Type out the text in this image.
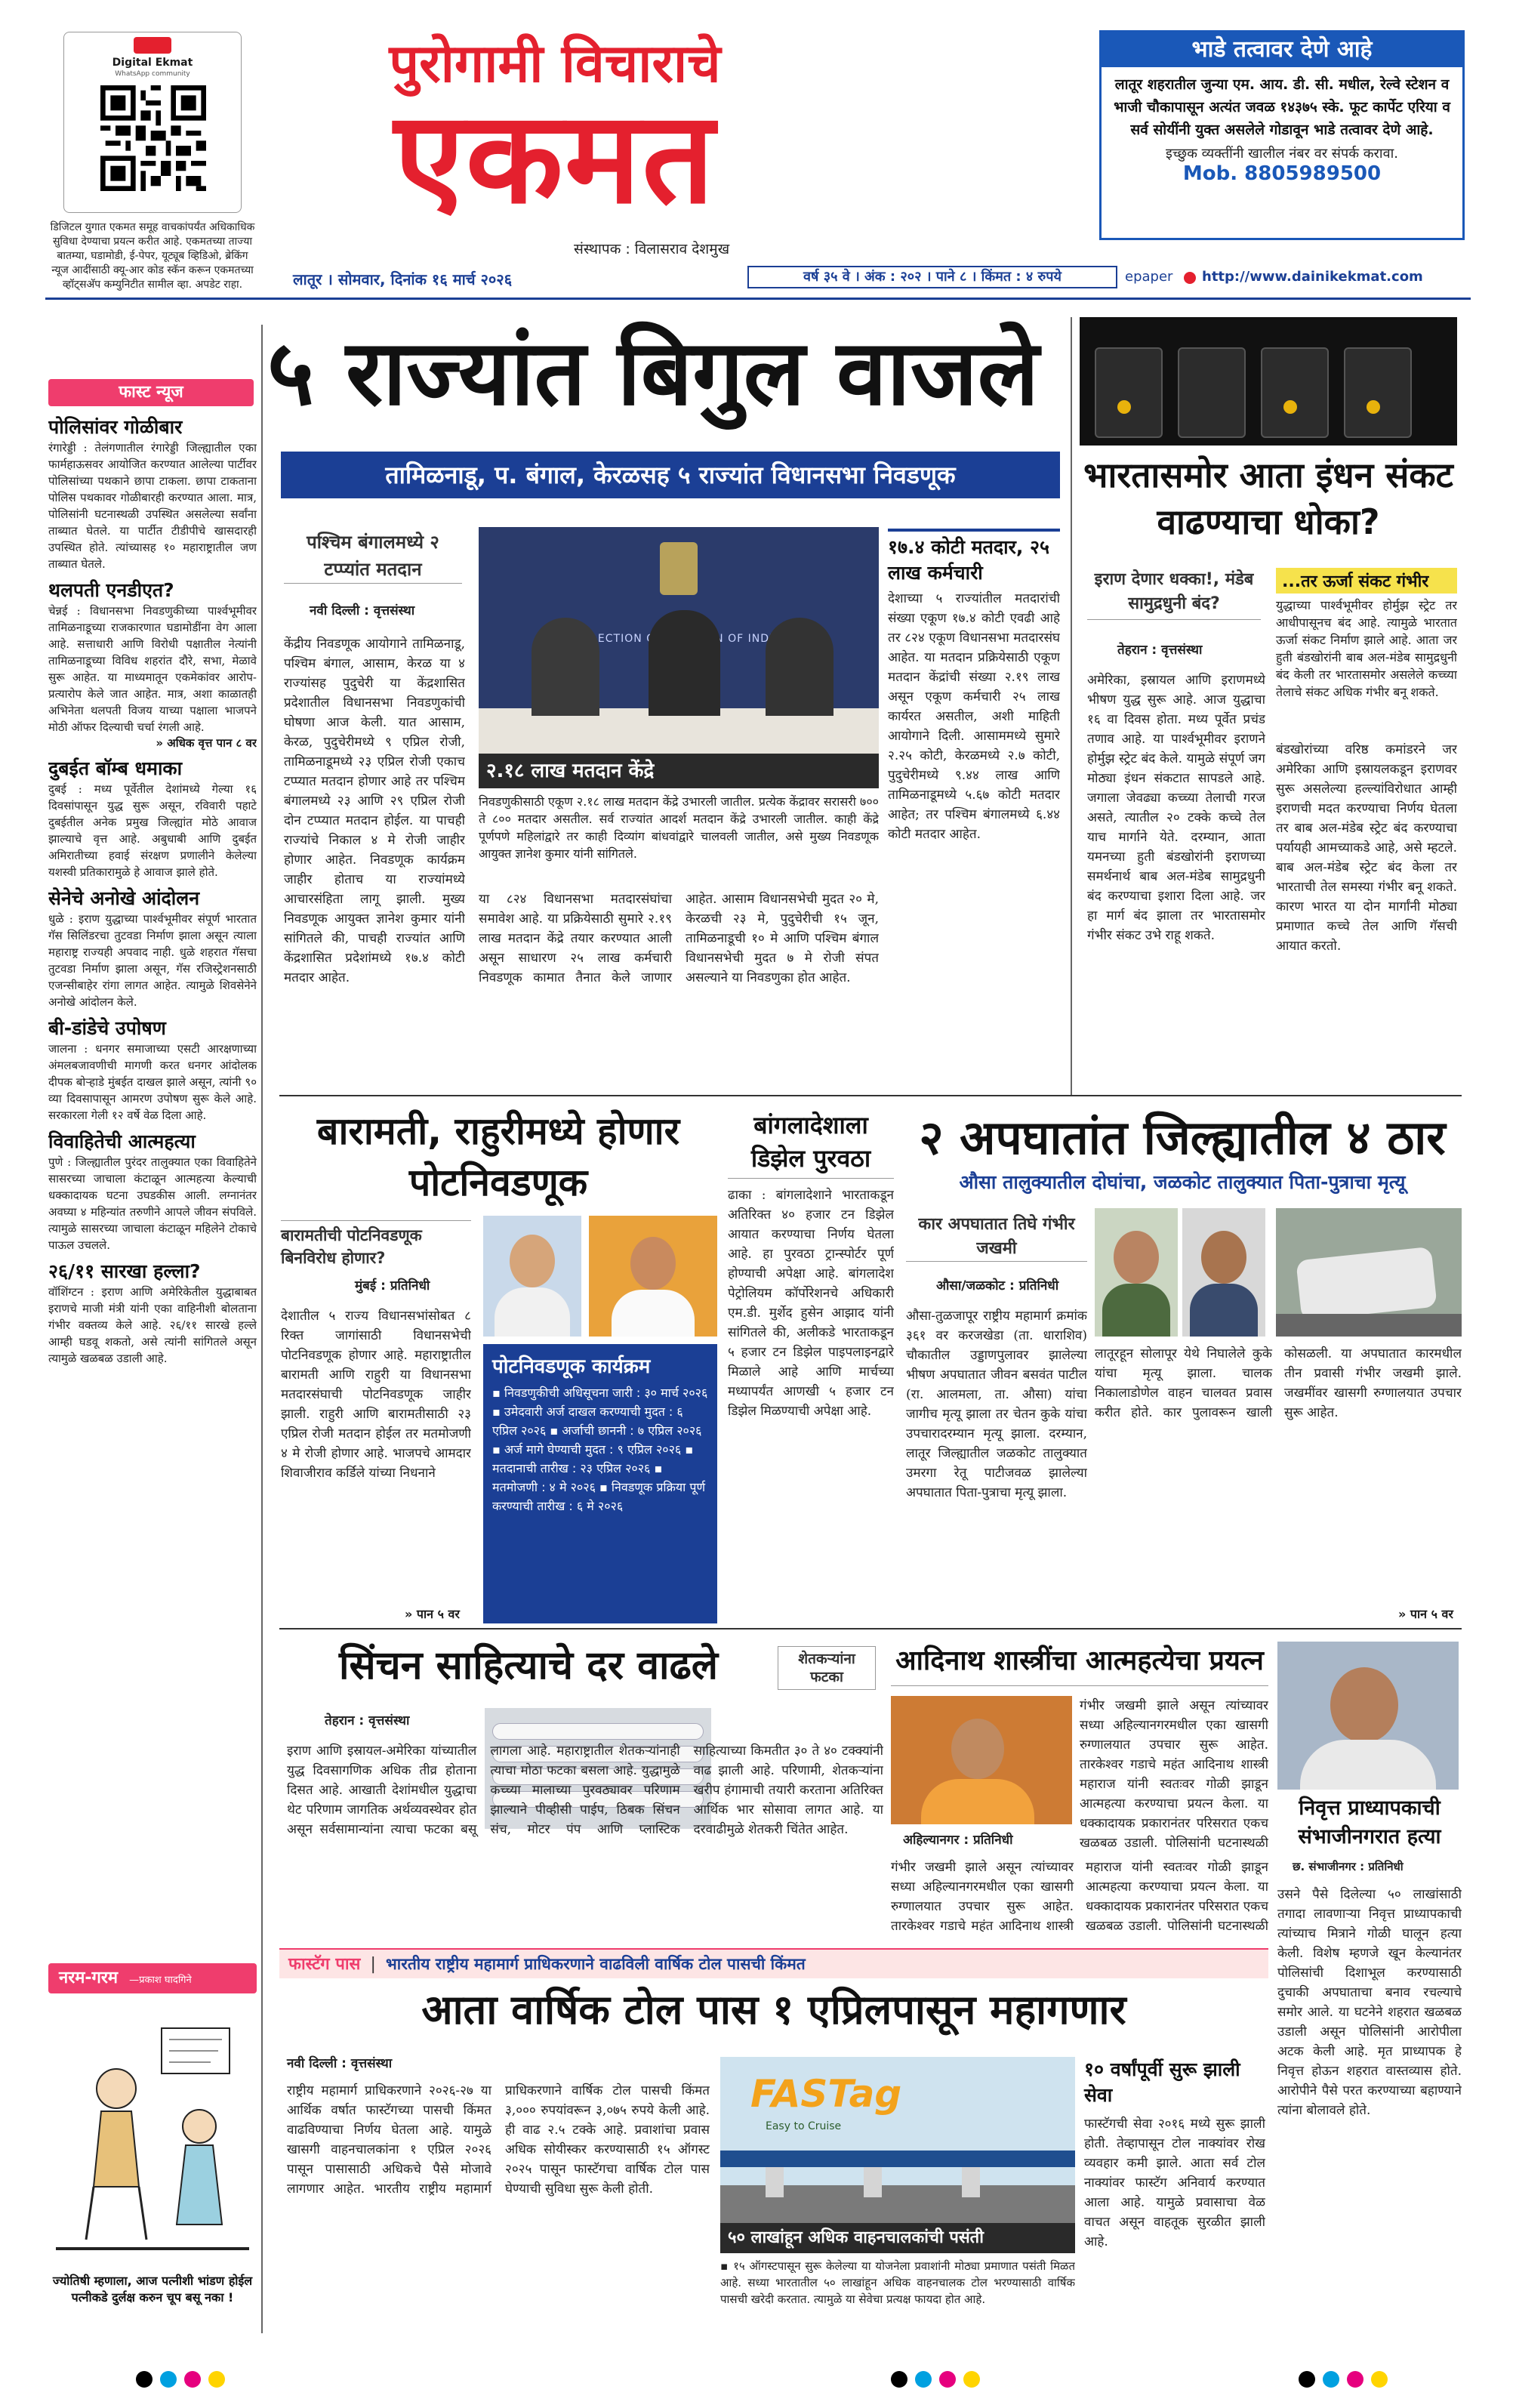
Digital Ekmat
WhatsApp community
डिजिटल युगात एकमत समूह वाचकांपर्यंत अधिकाधिक सुविधा देण्याचा प्रयत्न करीत आहे. एकमतच्या ताज्या बातम्या, घडामोडी, ई-पेपर, यूट्यूब व्हिडिओ, ब्रेकिंग न्यूज आदींसाठी क्यू-आर कोड स्कॅन करून एकमतच्या व्हॉट्सअ‍ॅप कम्युनिटीत सामील व्हा. अपडेट राहा.
पुरोगामी विचाराचे
एकमत
संस्थापक : विलासराव देशमुख
भाडे तत्वावर देणे आहे
लातूर शहरातील जुन्या एम. आय. डी. सी. मधील, रेल्वे स्टेशन व भाजी चौकापासून अत्यंत जवळ १४३७५ स्के. फूट कार्पेट एरिया व सर्व सोयींनी युक्त असलेले गोडावून भाडे तत्वावर देणे आहे.
इच्छुक व्यक्तींनी खालील नंबर वर संपर्क करावा.
Mob. 8805989500
लातूर । सोमवार, दिनांक १६ मार्च २०२६	वर्ष ३५ वे । अंक : २०२ । पाने ८ । किंमत : ४ रुपये	epaper http://www.dainikekmat.com
फास्ट न्यूज
पोलिसांवर गोळीबार
रंगारेड्डी : तेलंगणातील रंगारेड्डी जिल्ह्यातील एका फार्महाऊसवर आयोजित करण्यात आलेल्या पार्टीवर पोलिसांच्या पथकाने छापा टाकला. छापा टाकताना पोलिस पथकावर गोळीबारही करण्यात आला. मात्र, पोलिसांनी घटनास्थळी उपस्थित असलेल्या सर्वांना ताब्यात घेतले. या पार्टीत टीडीपीचे खासदारही उपस्थित होते. त्यांच्यासह १० महाराष्ट्रातील जण ताब्यात घेतले.
थलपती एनडीएत?
चेन्नई : विधानसभा निवडणुकीच्या पार्श्वभूमीवर तामिळनाडूच्या राजकारणात घडामोडींना वेग आला आहे. सत्ताधारी आणि विरोधी पक्षातील नेत्यांनी तामिळनाडूच्या विविध शहरांत दौरे, सभा, मेळावे सुरू आहेत. या माध्यमातून एकमेकांवर आरोप-प्रत्यारोप केले जात आहेत. मात्र, अशा काळातही अभिनेता थलपती विजय याच्या पक्षाला भाजपने मोठी ऑफर दिल्याची चर्चा रंगली आहे.
» अधिक वृत्त पान ८ वर
दुबईत बॉम्ब धमाका
दुबई : मध्य पूर्वेतील देशांमध्ये गेल्या १६ दिवसांपासून युद्ध सुरू असून, रविवारी पहाटे दुबईतील अनेक प्रमुख जिल्ह्यांत मोठे आवाज झाल्याचे वृत्त आहे. अबुधाबी आणि दुबईत अमिरातीच्या हवाई संरक्षण प्रणालीने केलेल्या यशस्वी प्रतिकारामुळे हे आवाज झाले होते.
सेनेचे अनोखे आंदोलन
धुळे : इराण युद्धाच्या पार्श्वभूमीवर संपूर्ण भारतात गॅस सिलिंडरचा तुटवडा निर्माण झाला असून त्याला महाराष्ट्र राज्यही अपवाद नाही. धुळे शहरात गॅसचा तुटवडा निर्माण झाला असून, गॅस रजिस्ट्रेशनसाठी एजन्सीबाहेर रांगा लागत आहेत. त्यामुळे शिवसेनेने अनोखे आंदोलन केले.
बी-डांडेचे उपोषण
जालना : धनगर समाजाच्या एसटी आरक्षणाच्या अंमलबजावणीची मागणी करत धनगर आंदोलक दीपक बोऱ्हाडे मुंबईत दाखल झाले असून, त्यांनी ९० व्या दिवसापासून आमरण उपोषण सुरू केले आहे. सरकारला गेली १२ वर्षे वेळ दिला आहे.
विवाहितेची आत्महत्या
पुणे : जिल्ह्यातील पुरंदर तालुक्यात एका विवाहितेने सासरच्या जाचाला कंटाळून आत्महत्या केल्याची धक्कादायक घटना उघडकीस आली. लग्नानंतर अवघ्या ४ महिन्यांत तरुणीने आपले जीवन संपविले. त्यामुळे सासरच्या जाचाला कंटाळून महिलेने टोकाचे पाऊल उचलले.
२६/११ सारखा हल्ला?
वॉशिंग्टन : इराण आणि अमेरिकेतील युद्धाबाबत इराणचे माजी मंत्री यांनी एका वाहिनीशी बोलताना गंभीर वक्तव्य केले आहे. २६/११ सारखे हल्ले आम्ही घडवू शकतो, असे त्यांनी सांगितले असून त्यामुळे खळबळ उडाली आहे.
नरम-गरम —प्रकाश घादगिने
ज्योतिषी म्हणाला, आज पत्नीशी भांडण होईल पत्नीकडे दुर्लक्ष करुन चूप बसू नका !
५ राज्यांत बिगुल वाजले
तामिळनाडू, प. बंगाल, केरळसह ५ राज्यांत विधानसभा निवडणूक
पश्चिम बंगालमध्ये २ टप्प्यांत मतदान
नवी दिल्ली : वृत्तसंस्था
केंद्रीय निवडणूक आयोगाने तामिळनाडू, पश्चिम बंगाल, आसाम, केरळ या ४ राज्यांसह पुदुचेरी या केंद्रशासित प्रदेशातील विधानसभा निवडणुकांची घोषणा आज केली. यात आसाम, केरळ, पुदुचेरीमध्ये ९ एप्रिल रोजी, तामिळनाडूमध्ये २३ एप्रिल रोजी एकाच टप्प्यात मतदान होणार आहे तर पश्चिम बंगालमध्ये २३ आणि २९ एप्रिल रोजी दोन टप्प्यात मतदान होईल. या पाचही राज्यांचे निकाल ४ मे रोजी जाहीर होणार आहेत. निवडणूक कार्यक्रम जाहीर होताच या राज्यांमध्ये आचारसंहिता लागू झाली. मुख्य निवडणूक आयुक्त ज्ञानेश कुमार यांनी सांगितले की, पाचही राज्यांत आणि केंद्रशासित प्रदेशांमध्ये १७.४ कोटी मतदार आहेत.
ELECTION OF INDIA
२.१८ लाख मतदान केंद्रे
निवडणुकीसाठी एकूण २.१८ लाख मतदान केंद्रे उभारली जातील. प्रत्येक केंद्रावर सरासरी ७०० ते ८०० मतदार असतील. सर्व राज्यांत आदर्श मतदान केंद्रे उभारली जातील. काही केंद्रे पूर्णपणे महिलांद्वारे तर काही दिव्यांग बांधवांद्वारे चालवली जातील, असे मुख्य निवडणूक आयुक्त ज्ञानेश कुमार यांनी सांगितले.
या ८२४ विधानसभा मतदारसंघांचा समावेश आहे. या प्रक्रियेसाठी सुमारे २.१९ लाख मतदान केंद्रे तयार करण्यात आली असून साधारण २५ लाख कर्मचारी निवडणूक कामात तैनात केले जाणार आहेत. आसाम विधानसभेची मुदत २० मे, केरळची २३ मे, पुदुचेरीची १५ जून, तामिळनाडूची १० मे आणि पश्चिम बंगाल विधानसभेची मुदत ७ मे रोजी संपत असल्याने या निवडणुका होत आहेत.
१७.४ कोटी मतदार, २५ लाख कर्मचारी
देशाच्या ५ राज्यांतील मतदारांची संख्या एकूण १७.४ कोटी एवढी आहे तर ८२४ एकूण विधानसभा मतदारसंघ आहेत. या मतदान प्रक्रियेसाठी एकूण मतदान केंद्रांची संख्या २.१९ लाख असून एकूण कर्मचारी २५ लाख कार्यरत असतील, अशी माहिती आयोगाने दिली. आसाममध्ये सुमारे २.२५ कोटी, केरळमध्ये २.७ कोटी, पुदुचेरीमध्ये ९.४४ लाख आणि तामिळनाडूमध्ये ५.६७ कोटी मतदार आहेत; तर पश्चिम बंगालमध्ये ६.४४ कोटी मतदार आहेत.
भारतासमोर आता इंधन संकट वाढण्याचा धोका?
इराण देणार धक्का!, मंडेब सामुद्रधुनी बंद?
...तर ऊर्जा संकट गंभीर
युद्धाच्या पार्श्वभूमीवर होर्मुझ स्ट्रेट तर आधीपासूनच बंद आहे. त्यामुळे भारतात ऊर्जा संकट निर्माण झाले आहे. आता जर हुती बंडखोरांनी बाब अल-मंडेब सामुद्रधुनी बंद केली तर भारतासमोर असलेले कच्च्या तेलाचे संकट अधिक गंभीर बनू शकते.
तेहरान : वृत्तसंस्था
अमेरिका, इस्रायल आणि इराणमध्ये भीषण युद्ध सुरू आहे. आज युद्धाचा १६ वा दिवस होता. मध्य पूर्वेत प्रचंड तणाव आहे. या पार्श्वभूमीवर इराणने होर्मुझ स्ट्रेट बंद केले. यामुळे संपूर्ण जग मोठ्या इंधन संकटात सापडले आहे. जगाला जेवढ्या कच्च्या तेलाची गरज असते, त्यातील २० टक्के कच्चे तेल याच मार्गाने येते. दरम्यान, आता यमनच्या हुती बंडखोरांनी इराणच्या समर्थनार्थ बाब अल-मंडेब सामुद्रधुनी बंद करण्याचा इशारा दिला आहे. जर हा मार्ग बंद झाला तर भारतासमोर गंभीर संकट उभे राहू शकते.
बंडखोरांच्या वरिष्ठ कमांडरने जर अमेरिका आणि इस्रायलकडून इराणवर सुरू असलेल्या हल्ल्यांविरोधात आम्ही इराणची मदत करण्याचा निर्णय घेतला तर बाब अल-मंडेब स्ट्रेट बंद करण्याचा पर्यायही आमच्याकडे आहे, असे म्हटले. बाब अल-मंडेब स्ट्रेट बंद केला तर भारताची तेल समस्या गंभीर बनू शकते. कारण भारत या दोन मार्गांनी मोठ्या प्रमाणात कच्चे तेल आणि गॅसची आयात करतो.
बारामती, राहुरीमध्ये होणार पोटनिवडणूक
बारामतीची पोटनिवडणूक बिनविरोध होणार?
मुंबई : प्रतिनिधी
देशातील ५ राज्य विधानसभांसोबत ८ रिक्त जागांसाठी विधानसभेची पोटनिवडणूक होणार आहे. महाराष्ट्रातील बारामती आणि राहुरी या विधानसभा मतदारसंघाची पोटनिवडणूक जाहीर झाली. राहुरी आणि बारामतीसाठी २३ एप्रिल रोजी मतदान होईल तर मतमोजणी ४ मे रोजी होणार आहे. भाजपचे आमदार शिवाजीराव कर्डिले यांच्या निधनाने
» पान ५ वर
पोटनिवडणूक कार्यक्रम
▪ निवडणुकीची अधिसूचना जारी : ३० मार्च २०२६ ▪ उमेदवारी अर्ज दाखल करण्याची मुदत : ६ एप्रिल २०२६ ▪ अर्जाची छाननी : ७ एप्रिल २०२६ ▪ अर्ज मागे घेण्याची मुदत : ९ एप्रिल २०२६ ▪ मतदानाची तारीख : २३ एप्रिल २०२६ ▪ मतमोजणी : ४ मे २०२६ ▪ निवडणूक प्रक्रिया पूर्ण करण्याची तारीख : ६ मे २०२६
बांगलादेशाला डिझेल पुरवठा
ढाका : बांगलादेशाने भारताकडून अतिरिक्त ४० हजार टन डिझेल आयात करण्याचा निर्णय घेतला आहे. हा पुरवठा ट्रान्स्पोर्टर पूर्ण होण्याची अपेक्षा आहे. बांगलादेश पेट्रोलियम कॉर्पोरेशनचे अधिकारी एम.डी. मुर्शेद हुसेन आझाद यांनी सांगितले की, अलीकडे भारताकडून ५ हजार टन डिझेल पाइपलाइनद्वारे मिळाले आहे आणि मार्चच्या मध्यापर्यंत आणखी ५ हजार टन डिझेल मिळण्याची अपेक्षा आहे.
२ अपघातांत जिल्ह्यातील ४ ठार
औसा तालुक्यातील दोघांचा, जळकोट तालुक्यात पिता-पुत्राचा मृत्यू
कार अपघातात तिघे गंभीर जखमी
औसा/जळकोट : प्रतिनिधी
औसा-तुळजापूर राष्ट्रीय महामार्ग क्रमांक ३६१ वर करजखेडा (ता. धाराशिव) चौकातील उड्डाणपुलावर झालेल्या भीषण अपघातात जीवन बसवंत पाटील (रा. आलमला, ता. औसा) यांचा जागीच मृत्यू झाला तर चेतन कुके यांचा उपचारादरम्यान मृत्यू झाला. दरम्यान, लातूर जिल्ह्यातील जळकोट तालुक्यात उमरगा रेतू पाटीजवळ झालेल्या अपघातात पिता-पुत्राचा मृत्यू झाला.
लातूरहून सोलापूर येथे निघालेले कुके यांचा मृत्यू झाला. चालक निकालाडोणेल वाहन चालवत प्रवास करीत होते. कार पुलावरून खाली कोसळली. या अपघातात कारमधील तीन प्रवासी गंभीर जखमी झाले. जखमींवर खासगी रुग्णालयात उपचार सुरू आहेत.
» पान ५ वर
सिंचन साहित्याचे दर वाढले	शेतकऱ्यांना फटका
तेहरान : वृत्तसंस्था
इराण आणि इस्रायल-अमेरिका यांच्यातील युद्ध दिवसागणिक अधिक तीव्र होताना दिसत आहे. आखाती देशांमधील युद्धाचा थेट परिणाम जागतिक अर्थव्यवस्थेवर होत असून सर्वसामान्यांना त्याचा फटका बसू लागला आहे. महाराष्ट्रातील शेतकऱ्यांनाही त्याचा मोठा फटका बसला आहे. युद्धामुळे कच्च्या मालाच्या पुरवठ्यावर परिणाम झाल्याने पीव्हीसी पाईप, ठिबक सिंचन संच, मोटर पंप आणि प्लास्टिक साहित्याच्या किमतीत ३० ते ४० टक्क्यांनी वाढ झाली आहे. परिणामी, शेतकऱ्यांना खरीप हंगामाची तयारी करताना अतिरिक्त आर्थिक भार सोसावा लागत आहे. या दरवाढीमुळे शेतकरी चिंतेत आहेत.
आदिनाथ शास्त्रींचा आत्महत्येचा प्रयत्न
अहिल्यानगर : प्रतिनिधी
गंभीर जखमी झाले असून त्यांच्यावर सध्या अहिल्यानगरमधील एका खासगी रुग्णालयात उपचार सुरू आहेत. तारकेश्वर गडाचे महंत आदिनाथ शास्त्री महाराज यांनी स्वतःवर गोळी झाडून आत्महत्या करण्याचा प्रयत्न केला. या धक्कादायक प्रकारानंतर परिसरात एकच खळबळ उडाली. पोलिसांनी घटनास्थळी
गंभीर जखमी झाले असून त्यांच्यावर सध्या अहिल्यानगरमधील एका खासगी रुग्णालयात उपचार सुरू आहेत. तारकेश्वर गडाचे महंत आदिनाथ शास्त्री महाराज यांनी स्वतःवर गोळी झाडून आत्महत्या करण्याचा प्रयत्न केला. या धक्कादायक प्रकारानंतर परिसरात एकच खळबळ उडाली. पोलिसांनी घटनास्थळी
निवृत्त प्राध्यापकाची संभाजीनगरात हत्या
छ. संभाजीनगर : प्रतिनिधी
उसने पैसे दिलेल्या ५० लाखांसाठी तगादा लावणाऱ्या निवृत्त प्राध्यापकाची त्यांच्याच मित्राने गोळी घालून हत्या केली. विशेष म्हणजे खून केल्यानंतर पोलिसांची दिशाभूल करण्यासाठी दुचाकी अपघाताचा बनाव रचल्याचे समोर आले. या घटनेने शहरात खळबळ उडाली असून पोलिसांनी आरोपीला अटक केली आहे. मृत प्राध्यापक हे निवृत्त होऊन शहरात वास्तव्यास होते. आरोपीने पैसे परत करण्याच्या बहाण्याने त्यांना बोलावले होते.
फास्टॅग पास | भारतीय राष्ट्रीय महामार्ग प्राधिकरणाने वाढविली वार्षिक टोल पासची किंमत
आता वार्षिक टोल पास १ एप्रिलपासून महागणार
नवी दिल्ली : वृत्तसंस्था
राष्ट्रीय महामार्ग प्राधिकरणाने २०२६-२७ या आर्थिक वर्षात फास्टॅगच्या पासची किंमत वाढविण्याचा निर्णय घेतला आहे. यामुळे खासगी वाहनचालकांना १ एप्रिल २०२६ पासून पासासाठी अधिकचे पैसे मोजावे लागणार आहेत. भारतीय राष्ट्रीय महामार्ग प्राधिकरणाने वार्षिक टोल पासची किंमत ३,००० रुपयांवरून ३,०७५ रुपये केली आहे. ही वाढ २.५ टक्के आहे. प्रवाशांचा प्रवास अधिक सोयीस्कर करण्यासाठी १५ ऑगस्ट २०२५ पासून फास्टॅगचा वार्षिक टोल पास घेण्याची सुविधा सुरू केली होती.
FASTag
Easy to Cruise
५० लाखांहून अधिक वाहनचालकांची पसंती
▪ १५ ऑगस्टपासून सुरू केलेल्या या योजनेला प्रवाशांनी मोठ्या प्रमाणात पसंती मिळत आहे. सध्या भारतातील ५० लाखांहून अधिक वाहनचालक टोल भरण्यासाठी वार्षिक पासची खरेदी करतात. त्यामुळे या सेवेचा प्रत्यक्ष फायदा होत आहे.
१० वर्षांपूर्वी सुरू झाली सेवा
फास्टॅगची सेवा २०१६ मध्ये सुरू झाली होती. तेव्हापासून टोल नाक्यांवर रोख व्यवहार कमी झाले. आता सर्व टोल नाक्यांवर फास्टॅग अनिवार्य करण्यात आला आहे. यामुळे प्रवासाचा वेळ वाचत असून वाहतूक सुरळीत झाली आहे.
